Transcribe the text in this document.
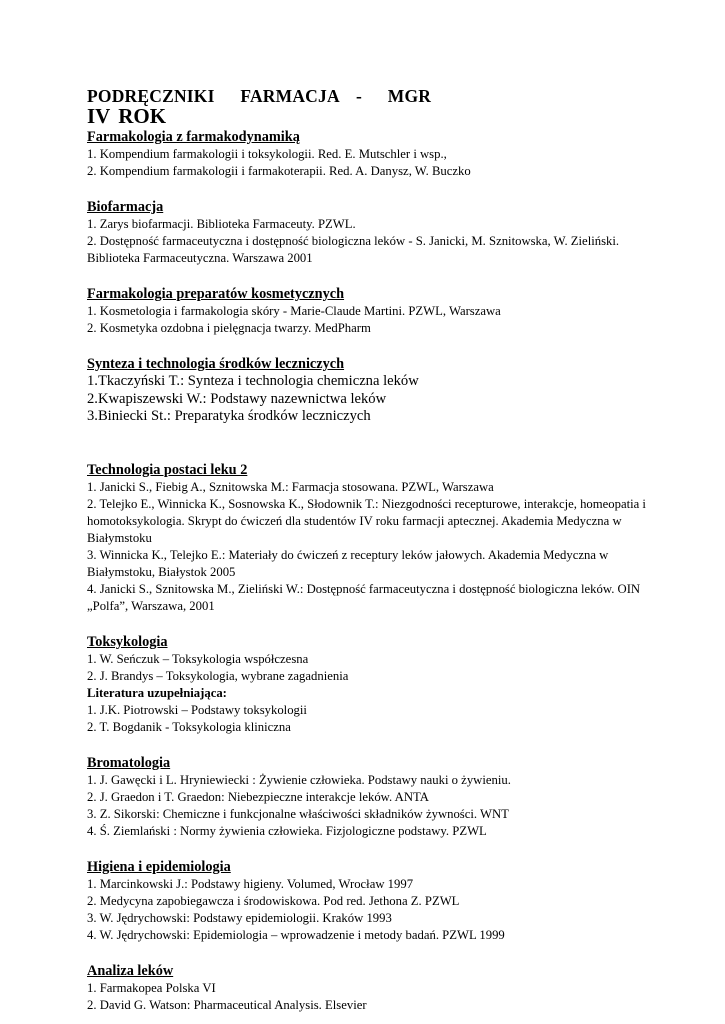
PODRĘCZNIKI   FARMACJA  -   MGR
IV ROK
Farmakologia z farmakodynamiką
1. Kompendium farmakologii i toksykologii. Red. E. Mutschler i wsp.,
2. Kompendium farmakologii i farmakoterapii. Red. A. Danysz, W. Buczko
Biofarmacja
1. Zarys biofarmacji. Biblioteka Farmaceuty. PZWL.
2. Dostępność farmaceutyczna i dostępność biologiczna leków - S. Janicki, M. Sznitowska, W. Zieliński. Biblioteka Farmaceutyczna. Warszawa 2001
Farmakologia preparatów kosmetycznych
1. Kosmetologia i farmakologia skóry - Marie-Claude Martini. PZWL, Warszawa
2. Kosmetyka ozdobna i pielęgnacja twarzy. MedPharm
Synteza i technologia środków leczniczych
1.Tkaczyński T.: Synteza i technologia chemiczna leków
2.Kwapiszewski W.: Podstawy nazewnictwa leków
3.Biniecki St.: Preparatyka środków leczniczych
Technologia postaci leku 2
1. Janicki S., Fiebig A., Sznitowska M.: Farmacja stosowana. PZWL, Warszawa
2. Telejko E., Winnicka K., Sosnowska K., Słodownik T.: Niezgodności recepturowe, interakcje, homeopatia i homotoksykologia. Skrypt do ćwiczeń dla studentów IV roku farmacji aptecznej. Akademia Medyczna w Białymstoku
3. Winnicka K., Telejko E.: Materiały do ćwiczeń z receptury leków jałowych. Akademia Medyczna w Białymstoku, Białystok 2005
4. Janicki S., Sznitowska M., Zieliński W.: Dostępność farmaceutyczna i dostępność biologiczna leków. OIN „Polfa”, Warszawa, 2001
Toksykologia
1. W. Seńczuk – Toksykologia współczesna
2. J. Brandys – Toksykologia, wybrane zagadnienia
Literatura uzupełniająca:
1. J.K. Piotrowski – Podstawy toksykologii
2. T. Bogdanik - Toksykologia kliniczna
Bromatologia
1. J. Gawęcki i L. Hryniewiecki : Żywienie człowieka. Podstawy nauki o żywieniu.
2. J. Graedon i T. Graedon: Niebezpieczne interakcje leków. ANTA
3. Z. Sikorski: Chemiczne i funkcjonalne właściwości składników żywności. WNT
4. Ś. Ziemlański : Normy żywienia człowieka. Fizjologiczne podstawy. PZWL
Higiena i epidemiologia
1. Marcinkowski J.: Podstawy higieny. Volumed, Wrocław 1997
2. Medycyna zapobiegawcza i środowiskowa. Pod red. Jethona Z. PZWL
3. W. Jędrychowski: Podstawy epidemiologii. Kraków 1993
4. W. Jędrychowski: Epidemiologia – wprowadzenie i metody badań. PZWL 1999
Analiza leków
1. Farmakopea Polska VI
2. David G. Watson: Pharmaceutical Analysis. Elsevier
